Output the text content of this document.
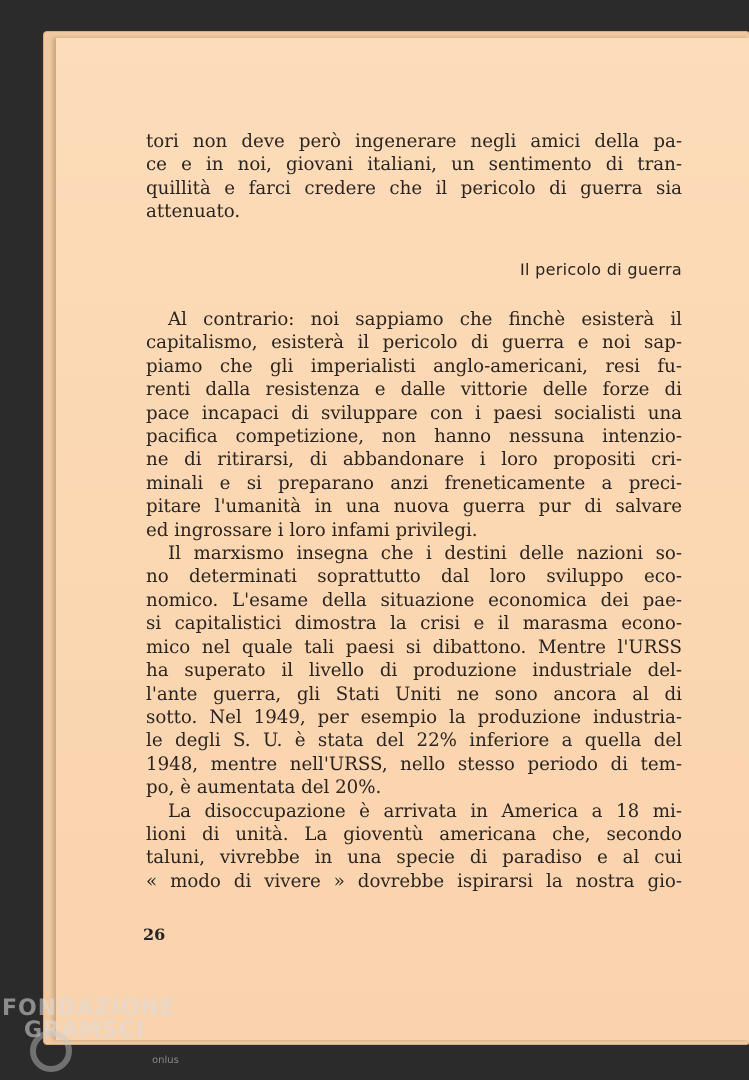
tori non deve però ingenerare negli amici della pa-
ce e in noi, giovani italiani, un sentimento di tran-
quillità e farci credere che il pericolo di guerra sia
attenuato.
Il pericolo di guerra
Al contrario: noi sappiamo che finchè esisterà il
capitalismo, esisterà il pericolo di guerra e noi sap-
piamo che gli imperialisti anglo-americani, resi fu-
renti dalla resistenza e dalle vittorie delle forze di
pace incapaci di sviluppare con i paesi socialisti una
pacifica competizione, non hanno nessuna intenzio-
ne di ritirarsi, di abbandonare i loro propositi cri-
minali e si preparano anzi freneticamente a preci-
pitare l'umanità in una nuova guerra pur di salvare
ed ingrossare i loro infami privilegi.
Il marxismo insegna che i destini delle nazioni so-
no determinati soprattutto dal loro sviluppo eco-
nomico. L'esame della situazione economica dei pae-
si capitalistici dimostra la crisi e il marasma econo-
mico nel quale tali paesi si dibattono. Mentre l'URSS
ha superato il livello di produzione industriale del-
l'ante guerra, gli Stati Uniti ne sono ancora al di
sotto. Nel 1949, per esempio la produzione industria-
le degli S. U. è stata del 22% inferiore a quella del
1948, mentre nell'URSS, nello stesso periodo di tem-
po, è aumentata del 20%.
La disoccupazione è arrivata in America a 18 mi-
lioni di unità. La gioventù americana che, secondo
taluni, vivrebbe in una specie di paradiso e al cui
« modo di vivere » dovrebbe ispirarsi la nostra gio-
26
FONDAZIONE
GRAMSCI
onlus
